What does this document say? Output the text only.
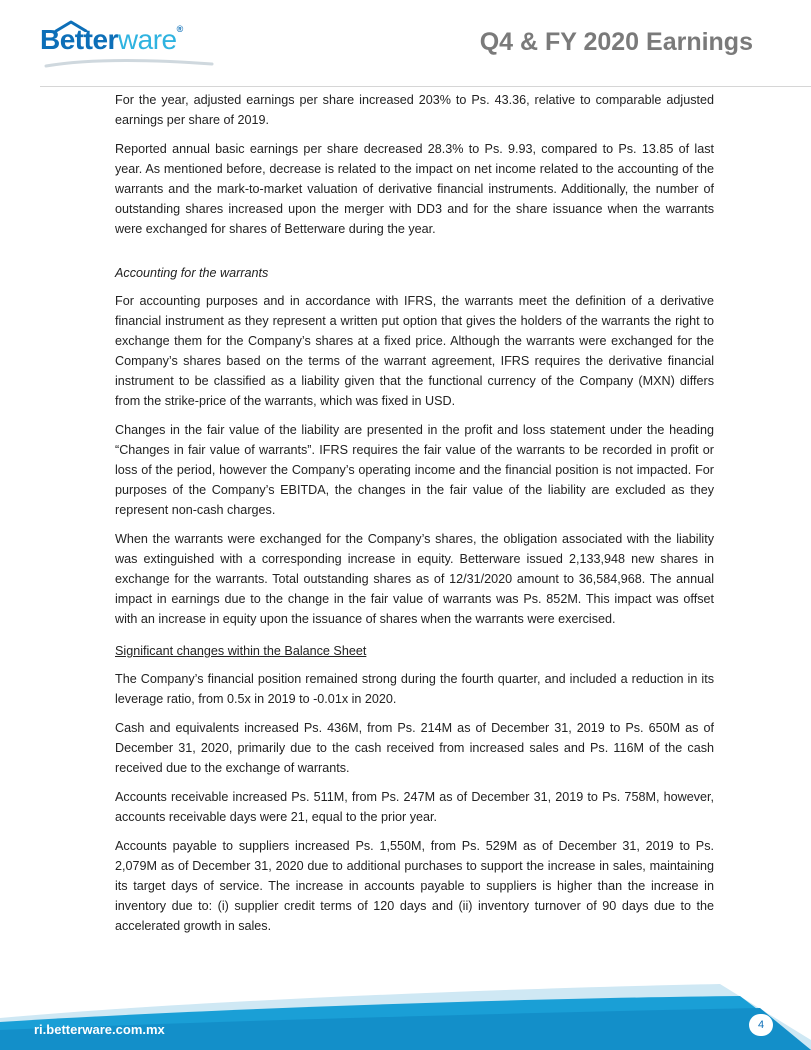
Betterware®	Q4 & FY 2020 Earnings

For the year, adjusted earnings per share increased 203% to Ps. 43.36, relative to comparable adjusted earnings per share of 2019.

Reported annual basic earnings per share decreased 28.3% to Ps. 9.93, compared to Ps. 13.85 of last year. As mentioned before, decrease is related to the impact on net income related to the accounting of the warrants and the mark-to-market valuation of derivative financial instruments. Additionally, the number of outstanding shares increased upon the merger with DD3 and for the share issuance when the warrants were exchanged for shares of Betterware during the year.

Accounting for the warrants

For accounting purposes and in accordance with IFRS, the warrants meet the definition of a derivative financial instrument as they represent a written put option that gives the holders of the warrants the right to exchange them for the Company’s shares at a fixed price. Although the warrants were exchanged for the Company’s shares based on the terms of the warrant agreement, IFRS requires the derivative financial instrument to be classified as a liability given that the functional currency of the Company (MXN) differs from the strike-price of the warrants, which was fixed in USD.

Changes in the fair value of the liability are presented in the profit and loss statement under the heading “Changes in fair value of warrants”. IFRS requires the fair value of the warrants to be recorded in profit or loss of the period, however the Company’s operating income and the financial position is not impacted. For purposes of the Company’s EBITDA, the changes in the fair value of the liability are excluded as they represent non-cash charges.

When the warrants were exchanged for the Company’s shares, the obligation associated with the liability was extinguished with a corresponding increase in equity. Betterware issued 2,133,948 new shares in exchange for the warrants. Total outstanding shares as of 12/31/2020 amount to 36,584,968. The annual impact in earnings due to the change in the fair value of warrants was Ps. 852M. This impact was offset with an increase in equity upon the issuance of shares when the warrants were exercised.

Significant changes within the Balance Sheet

The Company’s financial position remained strong during the fourth quarter, and included a reduction in its leverage ratio, from 0.5x in 2019 to -0.01x in 2020.

Cash and equivalents increased Ps. 436M, from Ps. 214M as of December 31, 2019 to Ps. 650M as of December 31, 2020, primarily due to the cash received from increased sales and Ps. 116M of the cash received due to the exchange of warrants.

Accounts receivable increased Ps. 511M, from Ps. 247M as of December 31, 2019 to Ps. 758M, however, accounts receivable days were 21, equal to the prior year.

Accounts payable to suppliers increased Ps. 1,550M, from Ps. 529M as of December 31, 2019 to Ps. 2,079M as of December 31, 2020 due to additional purchases to support the increase in sales, maintaining its target days of service. The increase in accounts payable to suppliers is higher than the increase in inventory due to: (i) supplier credit terms of 120 days and (ii) inventory turnover of 90 days due to the accelerated growth in sales.

ri.betterware.com.mx	4
